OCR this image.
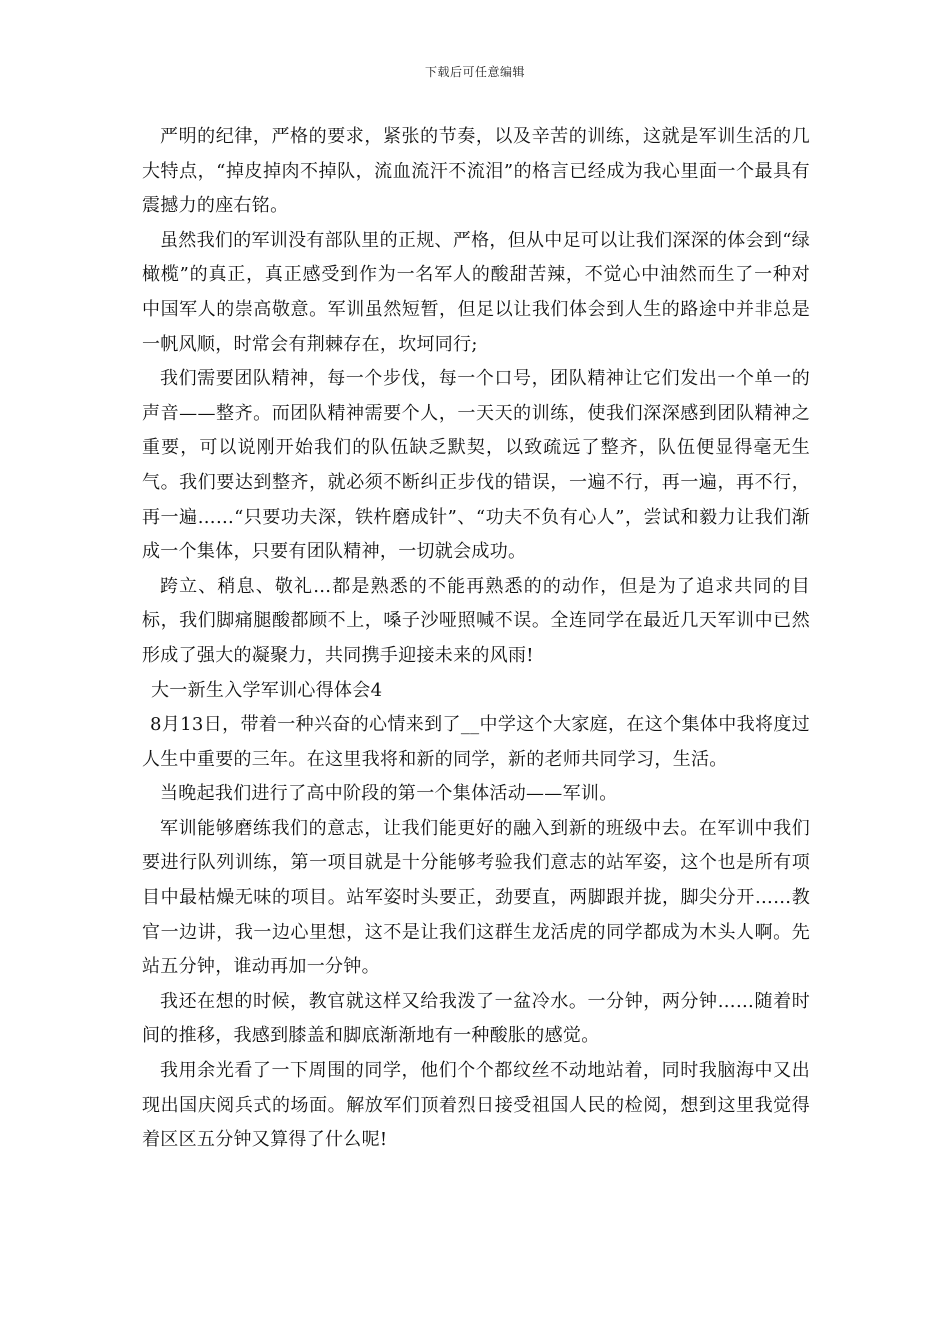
下载后可任意编辑

严明的纪律，严格的要求，紧张的节奏，以及辛苦的训练，这就是军训生活的几大特点，“掉皮掉肉不掉队，流血流汗不流泪”的格言已经成为我心里面一个最具有震撼力的座右铭。

虽然我们的军训没有部队里的正规、严格，但从中足可以让我们深深的体会到“绿橄榄”的真正，真正感受到作为一名军人的酸甜苦辣，不觉心中油然而生了一种对中国军人的崇高敬意。军训虽然短暂，但足以让我们体会到人生的路途中并非总是一帆风顺，时常会有荆棘存在，坎坷同行;

我们需要团队精神，每一个步伐，每一个口号，团队精神让它们发出一个单一的声音——整齐。而团队精神需要个人，一天天的训练，使我们深深感到团队精神之重要，可以说刚开始我们的队伍缺乏默契，以致疏远了整齐，队伍便显得毫无生气。我们要达到整齐，就必须不断纠正步伐的错误，一遍不行，再一遍，再不行，再一遍……“只要功夫深，铁杵磨成针”、“功夫不负有心人”，尝试和毅力让我们渐成一个集体，只要有团队精神，一切就会成功。

跨立、稍息、敬礼…都是熟悉的不能再熟悉的的动作，但是为了追求共同的目标，我们脚痛腿酸都顾不上，嗓子沙哑照喊不误。全连同学在最近几天军训中已然形成了强大的凝聚力，共同携手迎接未来的风雨!

大一新生入学军训心得体会4

8月13日，带着一种兴奋的心情来到了__中学这个大家庭，在这个集体中我将度过人生中重要的三年。在这里我将和新的同学，新的老师共同学习，生活。

当晚起我们进行了高中阶段的第一个集体活动——军训。

军训能够磨练我们的意志，让我们能更好的融入到新的班级中去。在军训中我们要进行队列训练，第一项目就是十分能够考验我们意志的站军姿，这个也是所有项目中最枯燥无味的项目。站军姿时头要正，劲要直，两脚跟并拢，脚尖分开……教官一边讲，我一边心里想，这不是让我们这群生龙活虎的同学都成为木头人啊。先站五分钟，谁动再加一分钟。

我还在想的时候，教官就这样又给我泼了一盆冷水。一分钟，两分钟……随着时间的推移，我感到膝盖和脚底渐渐地有一种酸胀的感觉。

我用余光看了一下周围的同学，他们个个都纹丝不动地站着，同时我脑海中又出现出国庆阅兵式的场面。解放军们顶着烈日接受祖国人民的检阅，想到这里我觉得着区区五分钟又算得了什么呢!
